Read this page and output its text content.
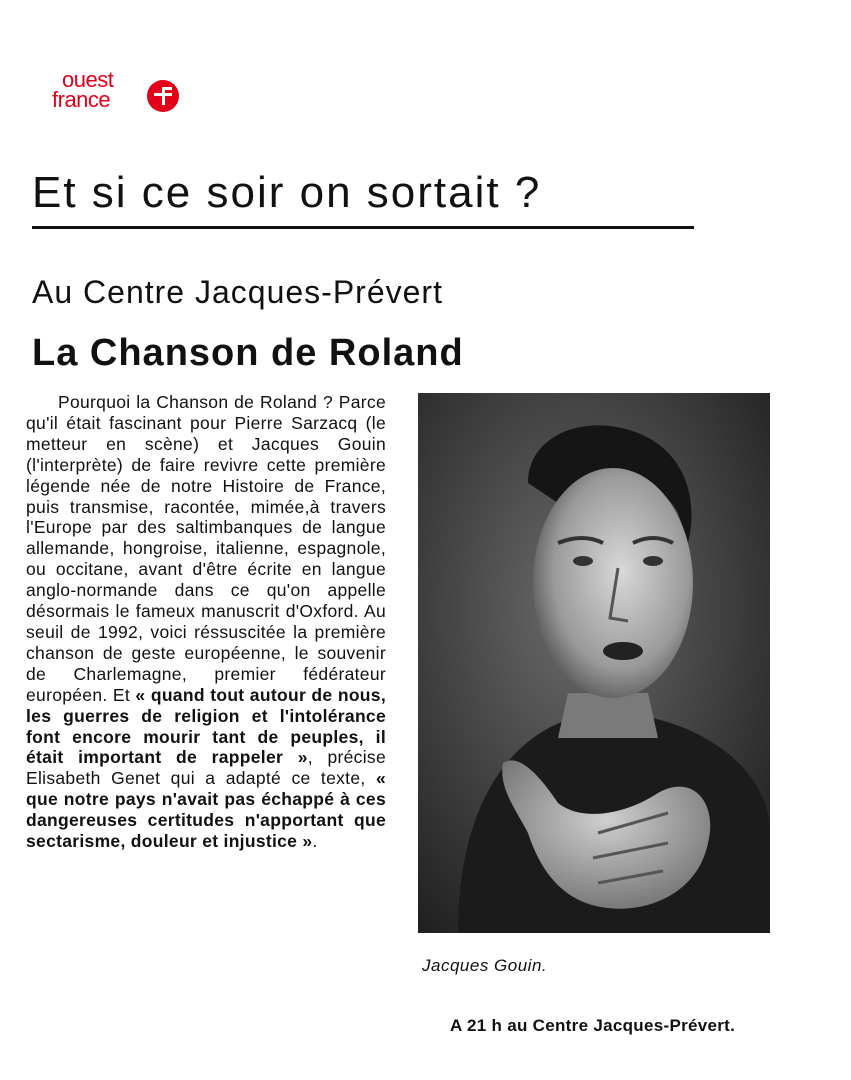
ouest
france
Et si ce soir on sortait ?
Au Centre Jacques-Prévert
La Chanson de Roland
Pourquoi la Chanson de Roland ? Parce qu'il était fascinant pour Pierre Sarzacq (le metteur en scène) et Jacques Gouin (l'interprète) de faire revivre cette première légende née de notre Histoire de France, puis transmise, racontée, mimée,à travers l'Europe par des saltimbanques de langue allemande, hongroise, italienne, espagnole, ou occitane, avant d'être écrite en langue anglo-normande dans ce qu'on appelle désormais le fameux manuscrit d'Oxford. Au seuil de 1992, voici réssuscitée la première chanson de geste européenne, le souvenir de Charlemagne, premier fédérateur européen. Et « quand tout autour de nous, les guerres de religion et l'intolérance font encore mourir tant de peuples, il était important de rappeler », précise Elisabeth Genet qui a adapté ce texte, « que notre pays n'avait pas échappé à ces dangereuses certitudes n'apportant que sectarisme, douleur et injustice ».
Jacques Gouin.
A 21 h au Centre Jacques-Prévert.
